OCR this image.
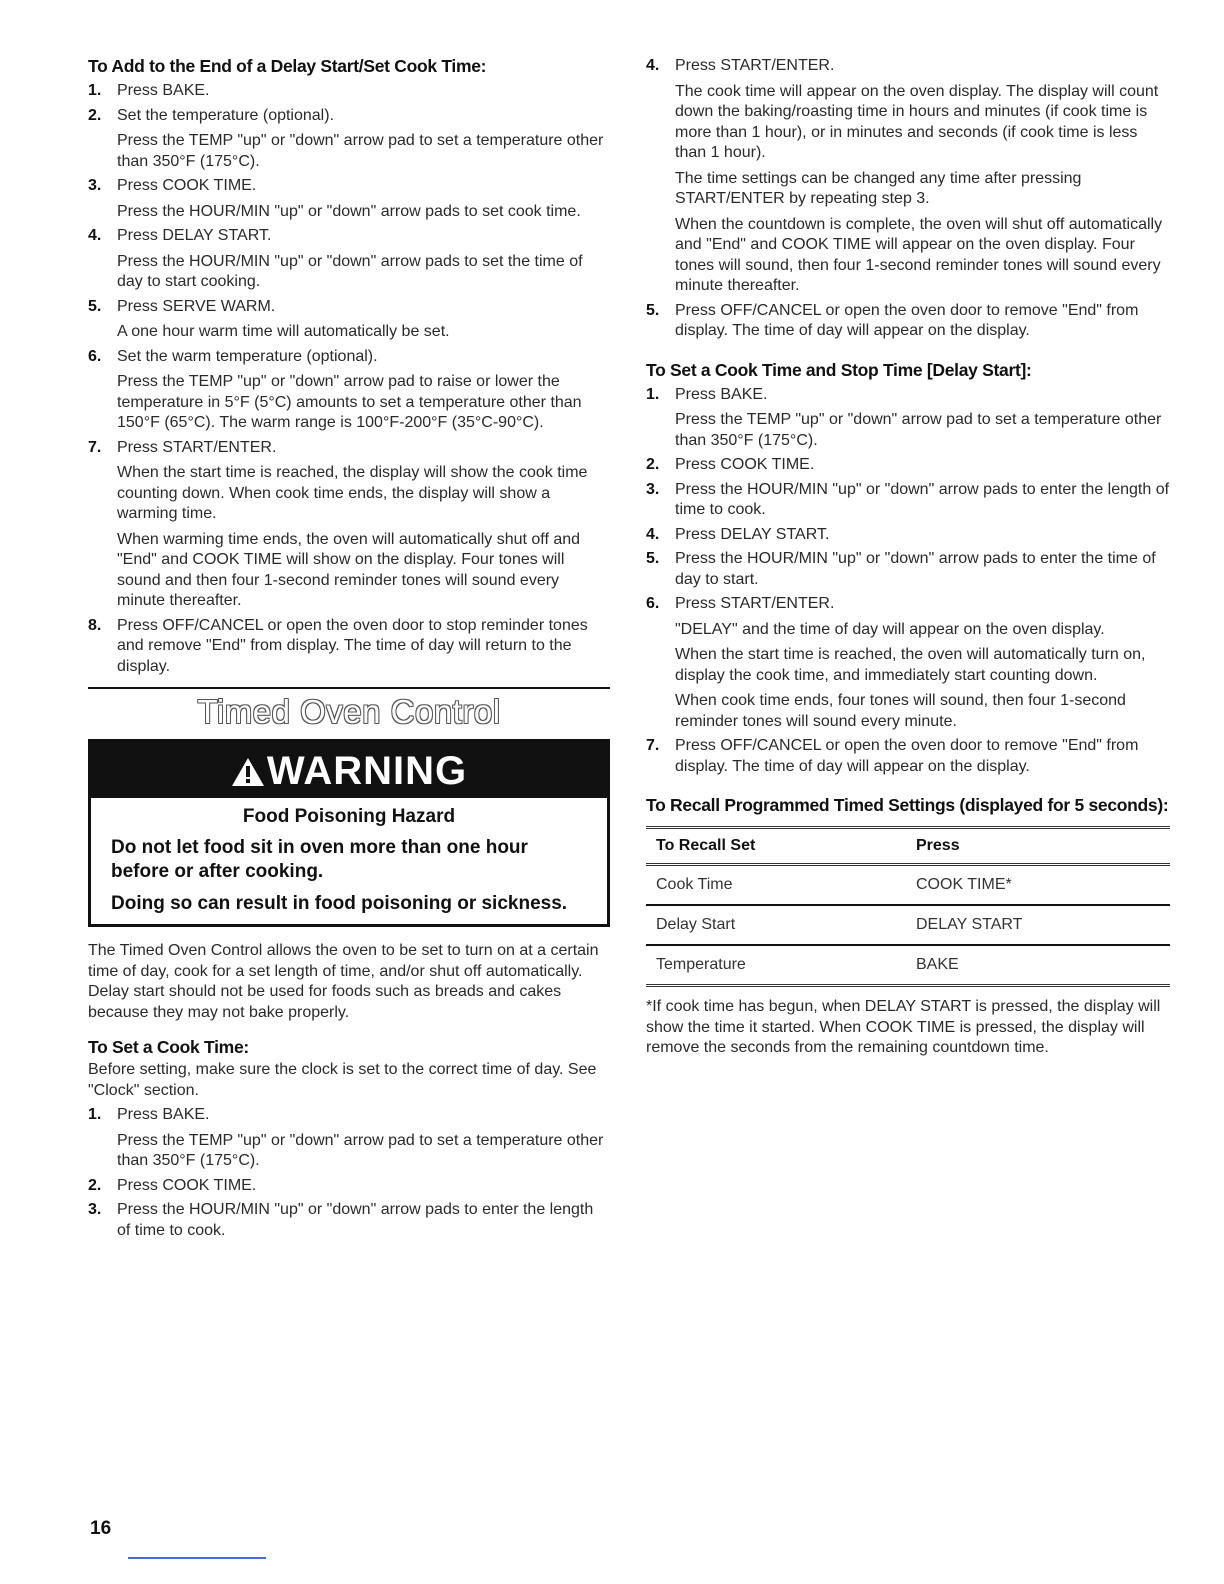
To Add to the End of a Delay Start/Set Cook Time:
1. Press BAKE.
2. Set the temperature (optional).
Press the TEMP "up" or "down" arrow pad to set a temperature other than 350°F (175°C).
3. Press COOK TIME.
Press the HOUR/MIN "up" or "down" arrow pads to set cook time.
4. Press DELAY START.
Press the HOUR/MIN "up" or "down" arrow pads to set the time of day to start cooking.
5. Press SERVE WARM.
A one hour warm time will automatically be set.
6. Set the warm temperature (optional).
Press the TEMP "up" or "down" arrow pad to raise or lower the temperature in 5°F (5°C) amounts to set a temperature other than 150°F (65°C). The warm range is 100°F-200°F (35°C-90°C).
7. Press START/ENTER.
When the start time is reached, the display will show the cook time counting down. When cook time ends, the display will show a warming time.
When warming time ends, the oven will automatically shut off and "End" and COOK TIME will show on the display. Four tones will sound and then four 1-second reminder tones will sound every minute thereafter.
8. Press OFF/CANCEL or open the oven door to stop reminder tones and remove "End" from display. The time of day will return to the display.
Timed Oven Control
WARNING
Food Poisoning Hazard
Do not let food sit in oven more than one hour before or after cooking.
Doing so can result in food poisoning or sickness.

The Timed Oven Control allows the oven to be set to turn on at a certain time of day, cook for a set length of time, and/or shut off automatically. Delay start should not be used for foods such as breads and cakes because they may not bake properly.

To Set a Cook Time:

Before setting, make sure the clock is set to the correct time of day. See "Clock" section.

1. Press BAKE.
Press the TEMP "up" or "down" arrow pad to set a temperature other than 350°F (175°C).
2. Press COOK TIME.
3. Press the HOUR/MIN "up" or "down" arrow pads to enter the length of time to cook.
4. Press START/ENTER.
The cook time will appear on the oven display. The display will count down the baking/roasting time in hours and minutes (if cook time is more than 1 hour), or in minutes and seconds (if cook time is less than 1 hour).
The time settings can be changed any time after pressing START/ENTER by repeating step 3.
When the countdown is complete, the oven will shut off automatically and "End" and COOK TIME will appear on the oven display. Four tones will sound, then four 1-second reminder tones will sound every minute thereafter.
5. Press OFF/CANCEL or open the oven door to remove "End" from display. The time of day will appear on the display.
To Set a Cook Time and Stop Time [Delay Start]:
1. Press BAKE.
Press the TEMP "up" or "down" arrow pad to set a temperature other than 350°F (175°C).
2. Press COOK TIME.
3. Press the HOUR/MIN "up" or "down" arrow pads to enter the length of time to cook.
4. Press DELAY START.
5. Press the HOUR/MIN "up" or "down" arrow pads to enter the time of day to start.
6. Press START/ENTER.
"DELAY" and the time of day will appear on the oven display.
When the start time is reached, the oven will automatically turn on, display the cook time, and immediately start counting down.
When cook time ends, four tones will sound, then four 1-second reminder tones will sound every minute.
7. Press OFF/CANCEL or open the oven door to remove "End" from display. The time of day will appear on the display.
To Recall Programmed Timed Settings (displayed for 5 seconds):
To Recall Set	Press
Cook Time	COOK TIME*
Delay Start	DELAY START
Temperature	BAKE

*If cook time has begun, when DELAY START is pressed, the display will show the time it started. When COOK TIME is pressed, the display will remove the seconds from the remaining countdown time.

16
